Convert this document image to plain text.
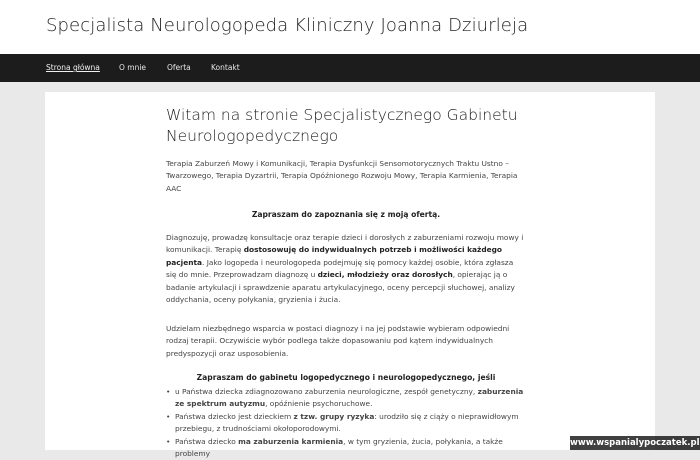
Specjalista Neurologopeda Kliniczny Joanna Dziurleja
Strona główna	O mnie	Oferta	Kontakt
Witam na stronie Specjalistycznego Gabinetu Neurologopedycznego

Terapia Zaburzeń Mowy i Komunikacji, Terapia Dysfunkcji Sensomotorycznych Traktu Ustno – Twarzowego, Terapia Dyzartrii, Terapia Opóźnionego Rozwoju Mowy, Terapia Karmienia, Terapia AAC

Zapraszam do zapoznania się z moją ofertą.

Diagnozuję, prowadzę konsultacje oraz terapie dzieci i dorosłych z zaburzeniami rozwoju mowy i komunikacji. Terapię dostosowuję do indywidualnych potrzeb i możliwości każdego pacjenta. Jako logopeda i neurologopeda podejmuję się pomocy każdej osobie, która zgłasza się do mnie. Przeprowadzam diagnozę u dzieci, młodzieży oraz dorosłych, opierając ją o badanie artykulacji i sprawdzenie aparatu artykulacyjnego, oceny percepcji słuchowej, analizy oddychania, oceny połykania, gryzienia i żucia.

Udzielam niezbędnego wsparcia w postaci diagnozy i na jej podstawie wybieram odpowiedni rodzaj terapii. Oczywiście wybór podlega także dopasowaniu pod kątem indywidualnych predyspozycji oraz usposobienia.

Zapraszam do gabinetu logopedycznego i neurologopedycznego, jeśli

• u Państwa dziecka zdiagnozowano zaburzenia neurologiczne, zespół genetyczny, zaburzenia ze spektrum autyzmu, opóźnienie psychoruchowe.
• Państwa dziecko jest dzieckiem z tzw. grupy ryzyka: urodziło się z ciąży o nieprawidłowym przebiegu, z trudnościami okołoporodowymi.
• Państwa dziecko ma zaburzenia karmienia, w tym gryzienia, żucia, połykania, a także problemy
www.wspanialypoczatek.pl
